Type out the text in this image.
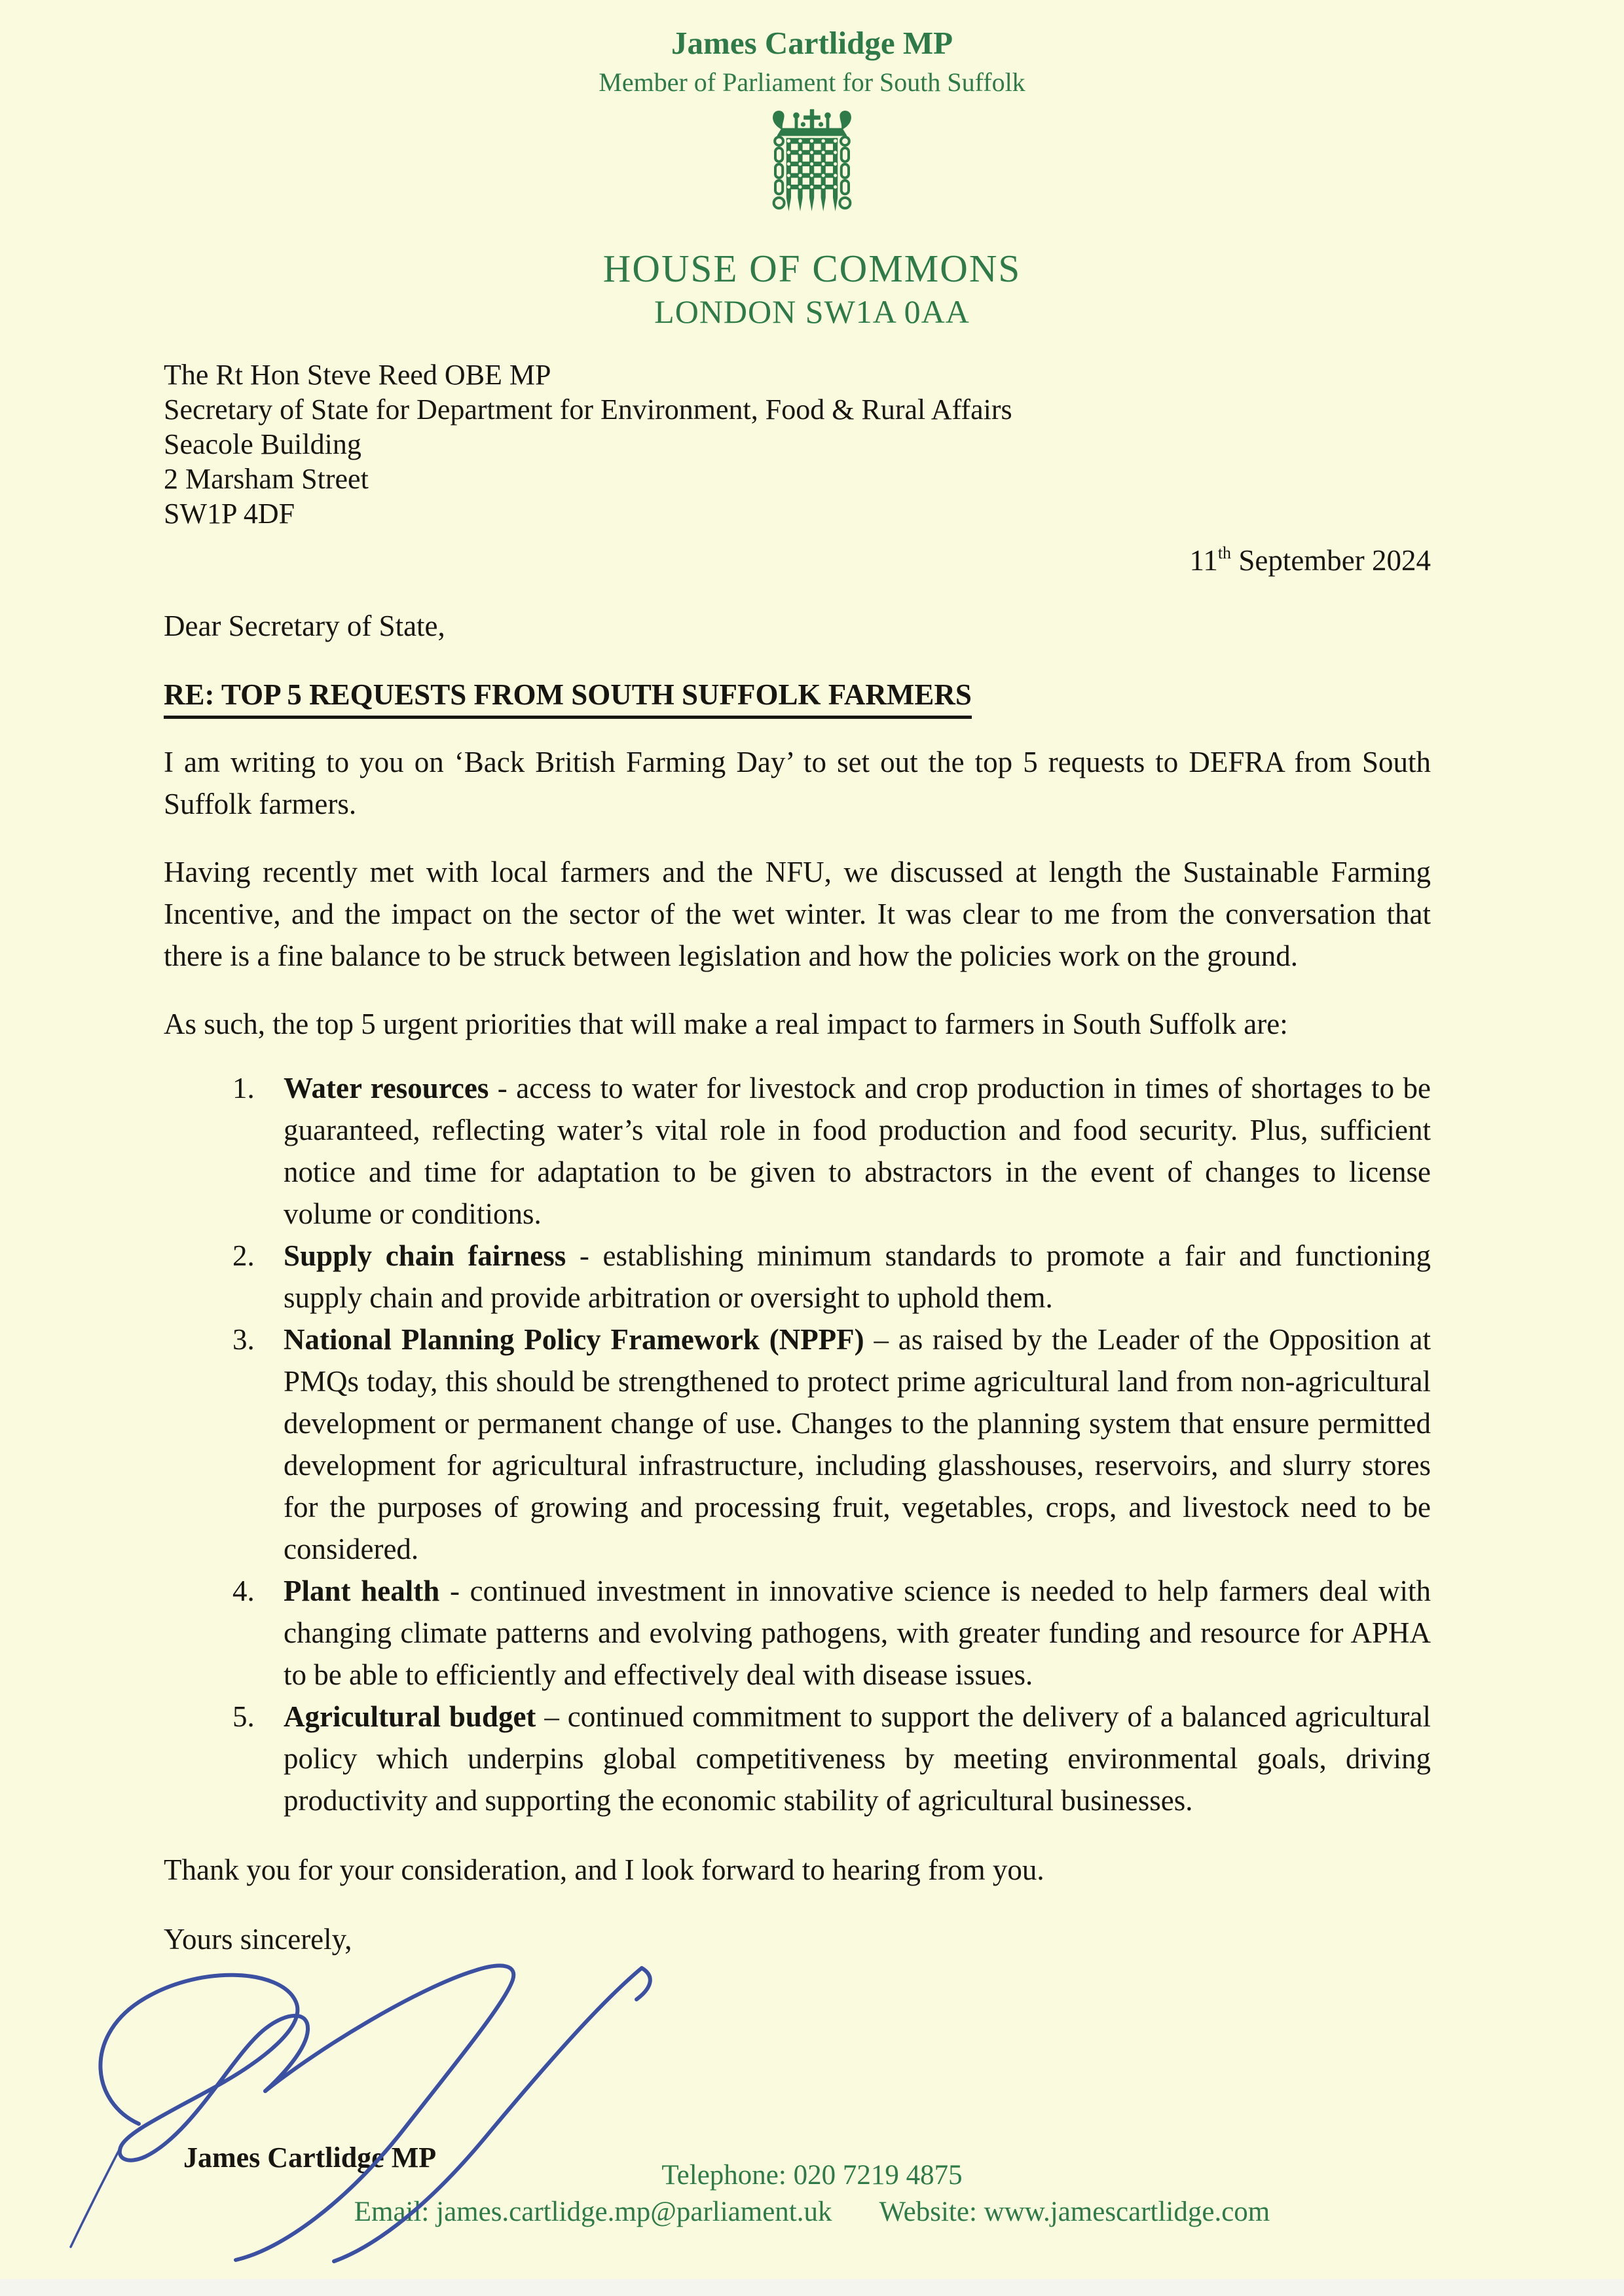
James Cartlidge MP
Member of Parliament for South Suffolk
HOUSE OF COMMONS
LONDON SW1A 0AA
The Rt Hon Steve Reed OBE MP
Secretary of State for Department for Environment, Food & Rural Affairs
Seacole Building
2 Marsham Street
SW1P 4DF
11th September 2024
Dear Secretary of State,
RE: TOP 5 REQUESTS FROM SOUTH SUFFOLK FARMERS

I am writing to you on ‘Back British Farming Day’ to set out the top 5 requests to DEFRA from South Suffolk farmers.

Having recently met with local farmers and the NFU, we discussed at length the Sustainable Farming Incentive, and the impact on the sector of the wet winter. It was clear to me from the conversation that there is a fine balance to be struck between legislation and how the policies work on the ground.

As such, the top 5 urgent priorities that will make a real impact to farmers in South Suffolk are:

1. Water resources - access to water for livestock and crop production in times of shortages to be guaranteed, reflecting water’s vital role in food production and food security. Plus, sufficient notice and time for adaptation to be given to abstractors in the event of changes to license volume or conditions.
2. Supply chain fairness - establishing minimum standards to promote a fair and functioning supply chain and provide arbitration or oversight to uphold them.
3. National Planning Policy Framework (NPPF) – as raised by the Leader of the Opposition at PMQs today, this should be strengthened to protect prime agricultural land from non-agricultural development or permanent change of use. Changes to the planning system that ensure permitted development for agricultural infrastructure, including glasshouses, reservoirs, and slurry stores for the purposes of growing and processing fruit, vegetables, crops, and livestock need to be considered.
4. Plant health - continued investment in innovative science is needed to help farmers deal with changing climate patterns and evolving pathogens, with greater funding and resource for APHA to be able to efficiently and effectively deal with disease issues.
5. Agricultural budget – continued commitment to support the delivery of a balanced agricultural policy which underpins global competitiveness by meeting environmental goals, driving productivity and supporting the economic stability of agricultural businesses.

Thank you for your consideration, and I look forward to hearing from you.

Yours sincerely,

James Cartlidge MP
Telephone: 020 7219 4875
Email: james.cartlidge.mp@parliament.uk Website: www.jamescartlidge.com
